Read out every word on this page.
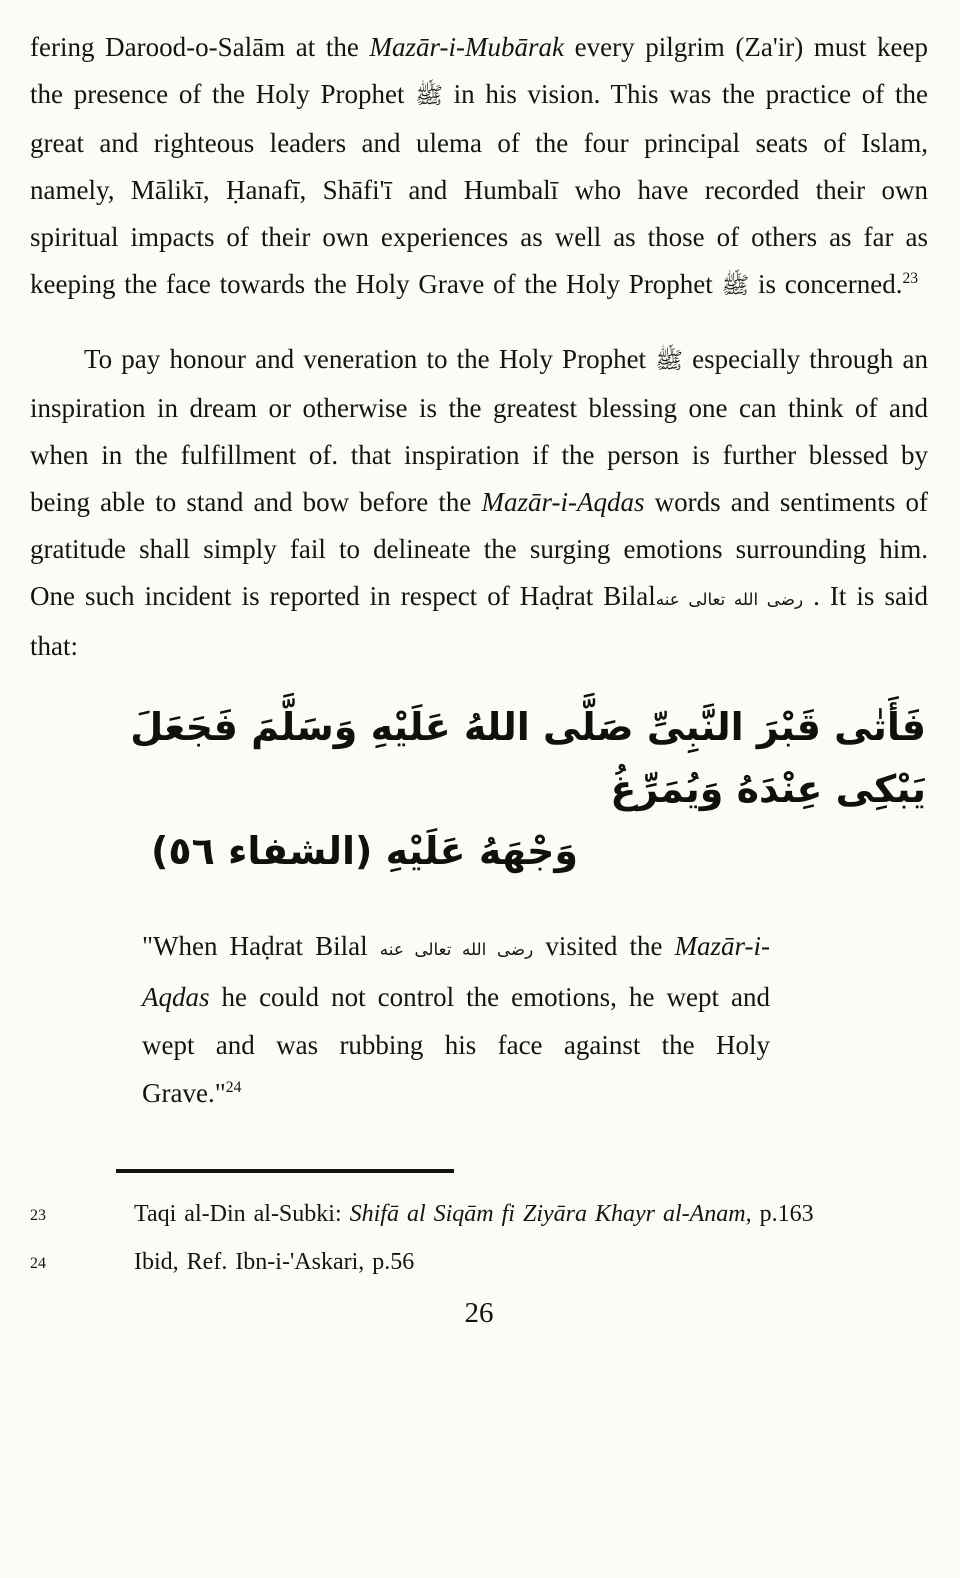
fering Darood-o-Salām at the Mazār-i-Mubārak every pilgrim (Za'ir) must keep the presence of the Holy Prophet ﷺ in his vision. This was the practice of the great and righteous leaders and ulema of the four principal seats of Islam, namely, Mālikī, Ḥanafī, Shāfi'ī and Humbalī who have recorded their own spiritual impacts of their own experiences as well as those of others as far as keeping the face towards the Holy Grave of the Holy Prophet ﷺ is concerned.$^{23}$

To pay honour and veneration to the Holy Prophet ﷺ especially through an inspiration in dream or otherwise is the greatest blessing one can think of and when in the fulfillment of. that inspiration if the person is further blessed by being able to stand and bow before the Mazār-i-Aqdas words and sentiments of gratitude shall simply fail to delineate the surging emotions surrounding him. One such incident is reported in respect of Haḍrat Bilalرضى الله تعالى عنه . It is said that:

فَأَتٰى قَبْرَ النَّبِىِّ صَلَّى اللهُ عَلَيْهِ وَسَلَّمَ فَجَعَلَ يَبْكِى عِنْدَهُ وَيُمَرِّغُ
وَجْهَهُ عَلَيْهِ (الشفاء ٥٦)
"When Haḍrat Bilal رضى الله تعالى عنه visited the Mazār-i-Aqdas he could not control the emotions, he wept and wept and was rubbing his face against the Holy Grave."$^{24}$
23	Taqi al-Din al-Subki: Shifā al Siqām fi Ziyāra Khayr al-Anam, p.163
24	Ibid, Ref. Ibn-i-'Askari, p.56
26
